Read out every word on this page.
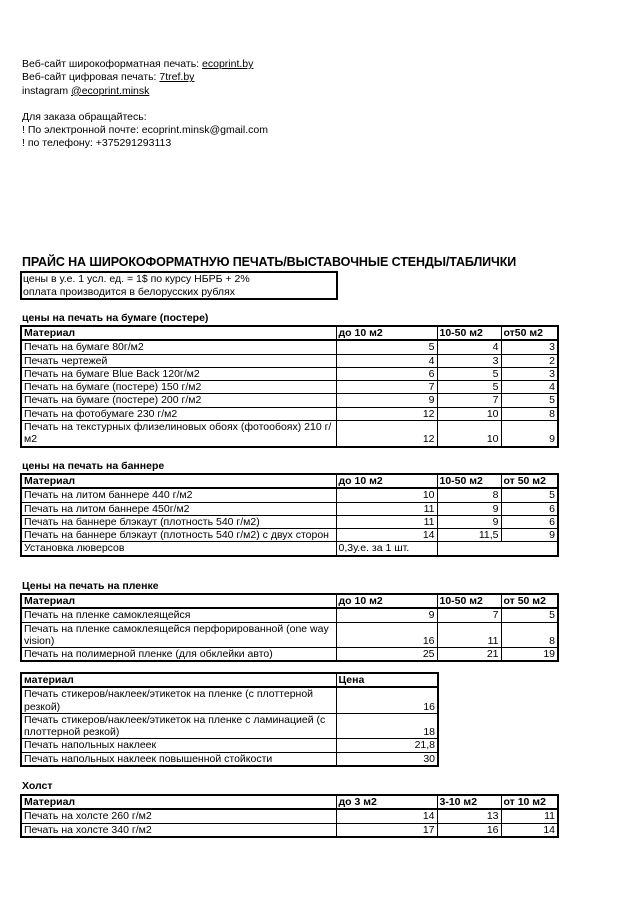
Веб-сайт широкоформатная печать: ecoprint.by
Веб-сайт цифровая печать: 7tref.by
instagram @ecoprint.minsk
Для заказа обращайтесь:
! По электронной почте: ecoprint.minsk@gmail.com
! по телефону: +375291293113
ПРАЙС НА ШИРОКОФОРМАТНУЮ ПЕЧАТЬ/ВЫСТАВОЧНЫЕ СТЕНДЫ/ТАБЛИЧКИ
цены в у.е. 1 усл. ед. = 1$ по курсу НБРБ + 2%
оплата производится в белорусских рублях
цены на печать на бумаге (постере)
Материал	до 10 м2	10-50 м2	от50 м2
Печать на бумаге 80г/м2	5	4	3
Печать чертежей	4	3	2
Печать на бумаге Blue Back 120г/м2	6	5	3
Печать на бумаге (постере) 150 г/м2	7	5	4
Печать на бумаге (постере) 200 г/м2	9	7	5
Печать на фотобумаге 230 г/м2	12	10	8
Печать на текстурных флизелиновых обоях (фотообоях) 210 г/м2	12	10	9
цены на печать на баннере
Материал	до 10 м2	10-50 м2	от 50 м2
Печать на литом баннере 440 г/м2	10	8	5
Печать на литом баннере 450г/м2	11	9	6
Печать на баннере блэкаут (плотность 540 г/м2)	11	9	6
Печать на баннере блэкаут (плотность 540 г/м2) с двух сторон	14	11,5	9
Установка люверсов	0,3у.е. за 1 шт.		
Цены на печать на пленке
Материал	до 10 м2	10-50 м2	от 50 м2
Печать на пленке самоклеящейся	9	7	5
Печать на пленке самоклеящейся перфорированной (one way vision)	16	11	8
Печать на полимерной пленке (для обклейки авто)	25	21	19
материал	Цена
Печать стикеров/наклеек/этикеток на пленке (с плоттерной резкой)	16
Печать стикеров/наклеек/этикеток на пленке с ламинацией (с плоттерной резкой)	18
Печать напольных наклеек	21,8
Печать напольных наклеек повышенной стойкости	30
Холст
Материал	до 3 м2	3-10 м2	от 10 м2
Печать на холсте 260 г/м2	14	13	11
Печать на холсте 340 г/м2	17	16	14
